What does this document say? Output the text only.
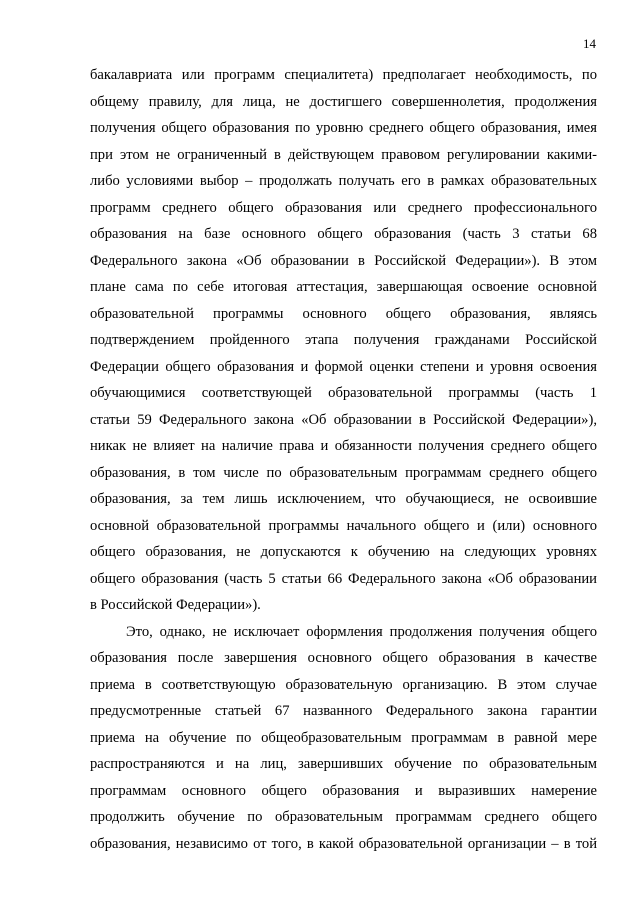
14
бакалавриата или программ специалитета) предполагает необходимость, по
общему правилу, для лица, не достигшего совершеннолетия, продолжения
получения общего образования по уровню среднего общего образования, имея
при этом не ограниченный в действующем правовом регулировании какими-
либо условиями выбор – продолжать получать его в рамках образовательных
программ среднего общего образования или среднего профессионального
образования на базе основного общего образования (часть 3 статьи 68
Федерального закона «Об образовании в Российской Федерации»). В этом
плане сама по себе итоговая аттестация, завершающая освоение основной
образовательной программы основного общего образования, являясь
подтверждением пройденного этапа получения гражданами Российской
Федерации общего образования и формой оценки степени и уровня освоения
обучающимися соответствующей образовательной программы (часть 1
статьи 59 Федерального закона «Об образовании в Российской Федерации»),
никак не влияет на наличие права и обязанности получения среднего общего
образования, в том числе по образовательным программам среднего общего
образования, за тем лишь исключением, что обучающиеся, не освоившие
основной образовательной программы начального общего и (или) основного
общего образования, не допускаются к обучению на следующих уровнях
общего образования (часть 5 статьи 66 Федерального закона «Об образовании
в Российской Федерации»).
Это, однако, не исключает оформления продолжения получения общего
образования после завершения основного общего образования в качестве
приема в соответствующую образовательную организацию. В этом случае
предусмотренные статьей 67 названного Федерального закона гарантии
приема на обучение по общеобразовательным программам в равной мере
распространяются и на лиц, завершивших обучение по образовательным
программам основного общего образования и выразивших намерение
продолжить обучение по образовательным программам среднего общего
образования, независимо от того, в какой образовательной организации – в той
